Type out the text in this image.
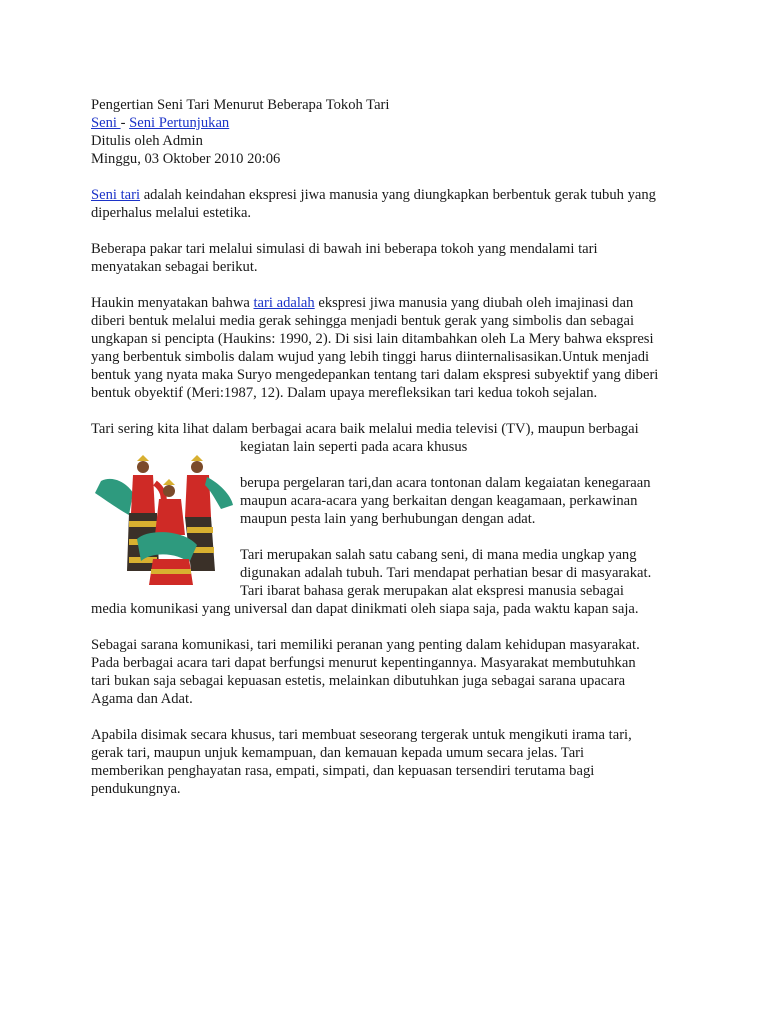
Pengertian Seni Tari Menurut Beberapa Tokoh Tari
Seni - Seni Pertunjukan
Ditulis oleh Admin
Minggu, 03 Oktober 2010 20:06
Seni tari adalah keindahan ekspresi jiwa manusia yang diungkapkan berbentuk gerak tubuh yang
diperhalus melalui estetika.
Beberapa pakar tari melalui simulasi di bawah ini beberapa tokoh yang mendalami tari
menyatakan sebagai berikut.
Haukin menyatakan bahwa tari adalah ekspresi jiwa manusia yang diubah oleh imajinasi dan
diberi bentuk melalui media gerak sehingga menjadi bentuk gerak yang simbolis dan sebagai
ungkapan si pencipta (Haukins: 1990, 2). Di sisi lain ditambahkan oleh La Mery bahwa ekspresi
yang berbentuk simbolis dalam wujud yang lebih tinggi harus diinternalisasikan.Untuk menjadi
bentuk yang nyata maka Suryo mengedepankan tentang tari dalam ekspresi subyektif yang diberi
bentuk obyektif (Meri:1987, 12). Dalam upaya merefleksikan tari kedua tokoh sejalan.
Tari sering kita lihat dalam berbagai acara baik melalui media televisi (TV), maupun berbagai
kegiatan lain seperti pada acara khusus
berupa pergelaran tari,dan acara tontonan dalam kegaiatan kenegaraan
maupun acara-acara yang berkaitan dengan keagamaan, perkawinan
maupun pesta lain yang berhubungan dengan adat.
Tari merupakan salah satu cabang seni, di mana media ungkap yang
digunakan adalah tubuh. Tari mendapat perhatian besar di masyarakat.
Tari ibarat bahasa gerak merupakan alat ekspresi manusia sebagai
media komunikasi yang universal dan dapat dinikmati oleh siapa saja, pada waktu kapan saja.
Sebagai sarana komunikasi, tari memiliki peranan yang penting dalam kehidupan masyarakat.
Pada berbagai acara tari dapat berfungsi menurut kepentingannya. Masyarakat membutuhkan
tari bukan saja sebagai kepuasan estetis, melainkan dibutuhkan juga sebagai sarana upacara
Agama dan Adat.
Apabila disimak secara khusus, tari membuat seseorang tergerak untuk mengikuti irama tari,
gerak tari, maupun unjuk kemampuan, dan kemauan kepada umum secara jelas. Tari
memberikan penghayatan rasa, empati, simpati, dan kepuasan tersendiri terutama bagi
pendukungnya.
